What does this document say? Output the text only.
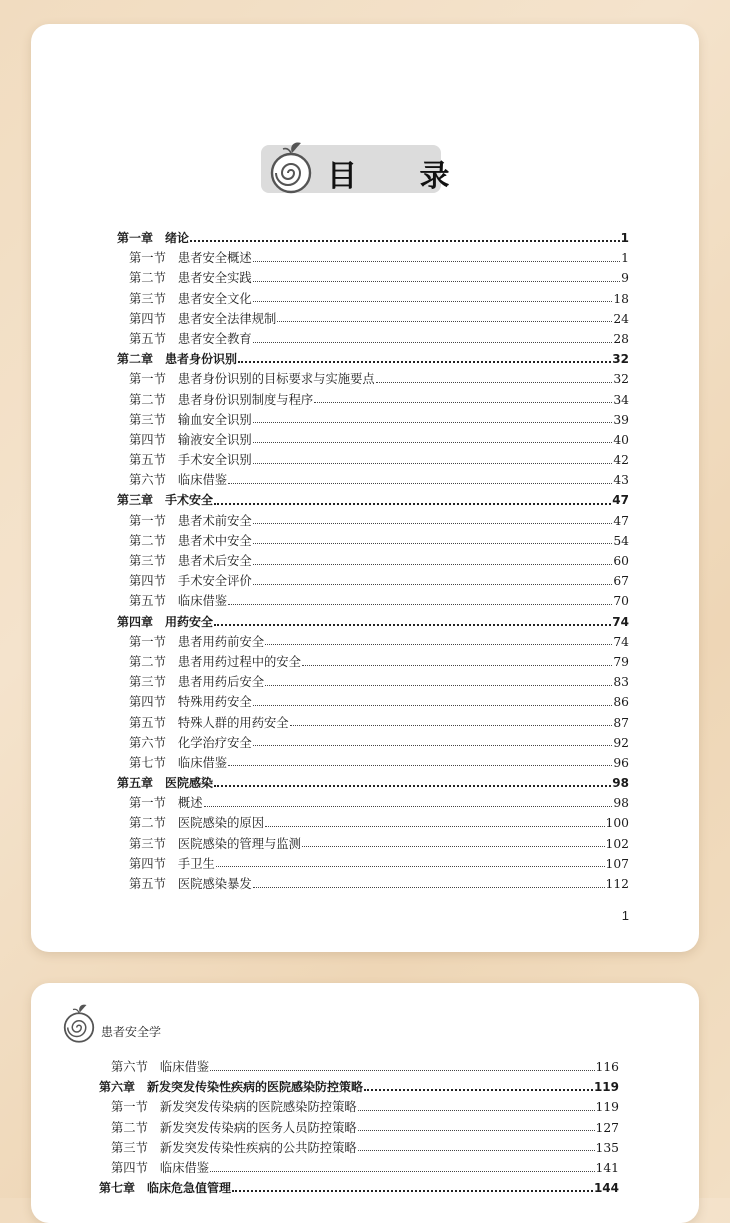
目 录
第一章 绪论	1
第一节 患者安全概述	1
第二节 患者安全实践	9
第三节 患者安全文化	18
第四节 患者安全法律规制	24
第五节 患者安全教育	28
第二章 患者身份识别	32
第一节 患者身份识别的目标要求与实施要点	32
第二节 患者身份识别制度与程序	34
第三节 输血安全识别	39
第四节 输液安全识别	40
第五节 手术安全识别	42
第六节 临床借鉴	43
第三章 手术安全	47
第一节 患者术前安全	47
第二节 患者术中安全	54
第三节 患者术后安全	60
第四节 手术安全评价	67
第五节 临床借鉴	70
第四章 用药安全	74
第一节 患者用药前安全	74
第二节 患者用药过程中的安全	79
第三节 患者用药后安全	83
第四节 特殊用药安全	86
第五节 特殊人群的用药安全	87
第六节 化学治疗安全	92
第七节 临床借鉴	96
第五章 医院感染	98
第一节 概述	98
第二节 医院感染的原因	100
第三节 医院感染的管理与监测	102
第四节 手卫生	107
第五节 医院感染暴发	112
1
患者安全学
第六节 临床借鉴	116
第六章 新发突发传染性疾病的医院感染防控策略	119
第一节 新发突发传染病的医院感染防控策略	119
第二节 新发突发传染病的医务人员防控策略	127
第三节 新发突发传染性疾病的公共防控策略	135
第四节 临床借鉴	141
第七章 临床危急值管理	144
